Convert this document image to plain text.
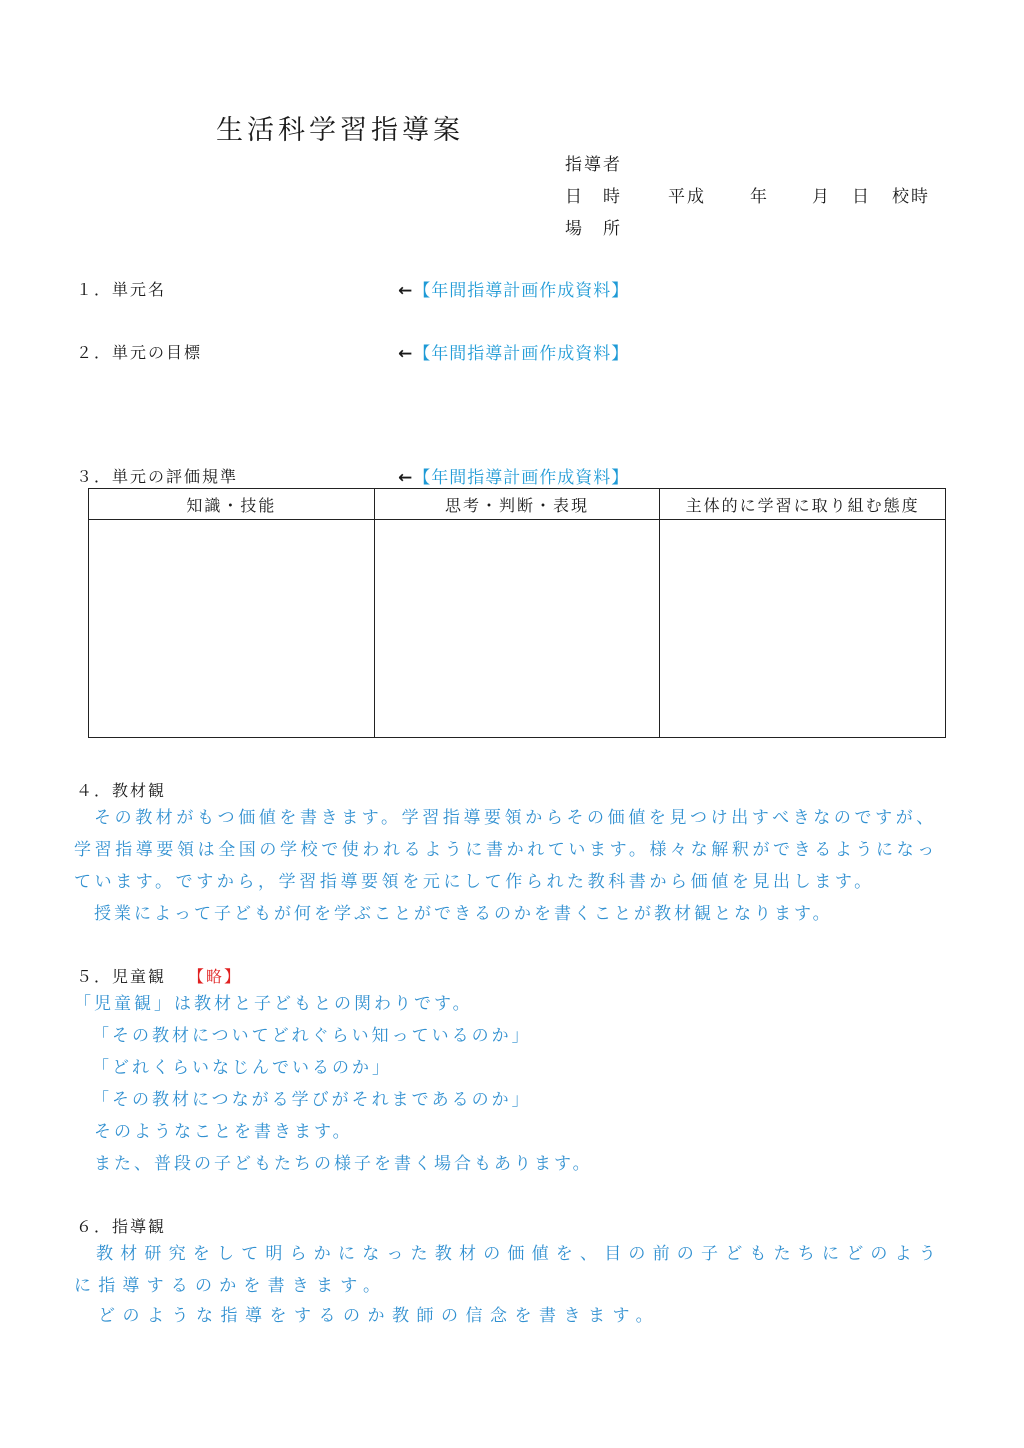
生活科学習指導案
指導者
日　時	平成	年	月 日 校時
場　所
１．単元名	←【年間指導計画作成資料】
２．単元の目標	←【年間指導計画作成資料】
３．単元の評価規準	←【年間指導計画作成資料】
知識・技能	思考・判断・表現	主体的に学習に取り組む態度

４．教材観
その教材がもつ価値を書きます。学習指導要領からその価値を見つけ出すべきなのですが、学習指導要領は全国の学校で使われるように書かれています。様々な解釈ができるようになっています。ですから，学習指導要領を元にして作られた教科書から価値を見出します。
授業によって子どもが何を学ぶことができるのかを書くことが教材観となります。
５．児童観 【略】
「児童観」は教材と子どもとの関わりです。
「その教材についてどれぐらい知っているのか」
「どれくらいなじんでいるのか」
「その教材につながる学びがそれまであるのか」
そのようなことを書きます。
また、普段の子どもたちの様子を書く場合もあります。
６．指導観
教材研究をして明らかになった教材の価値を、目の前の子どもたちにどのように指導するのかを書きます。
どのような指導をするのか教師の信念を書きます。
